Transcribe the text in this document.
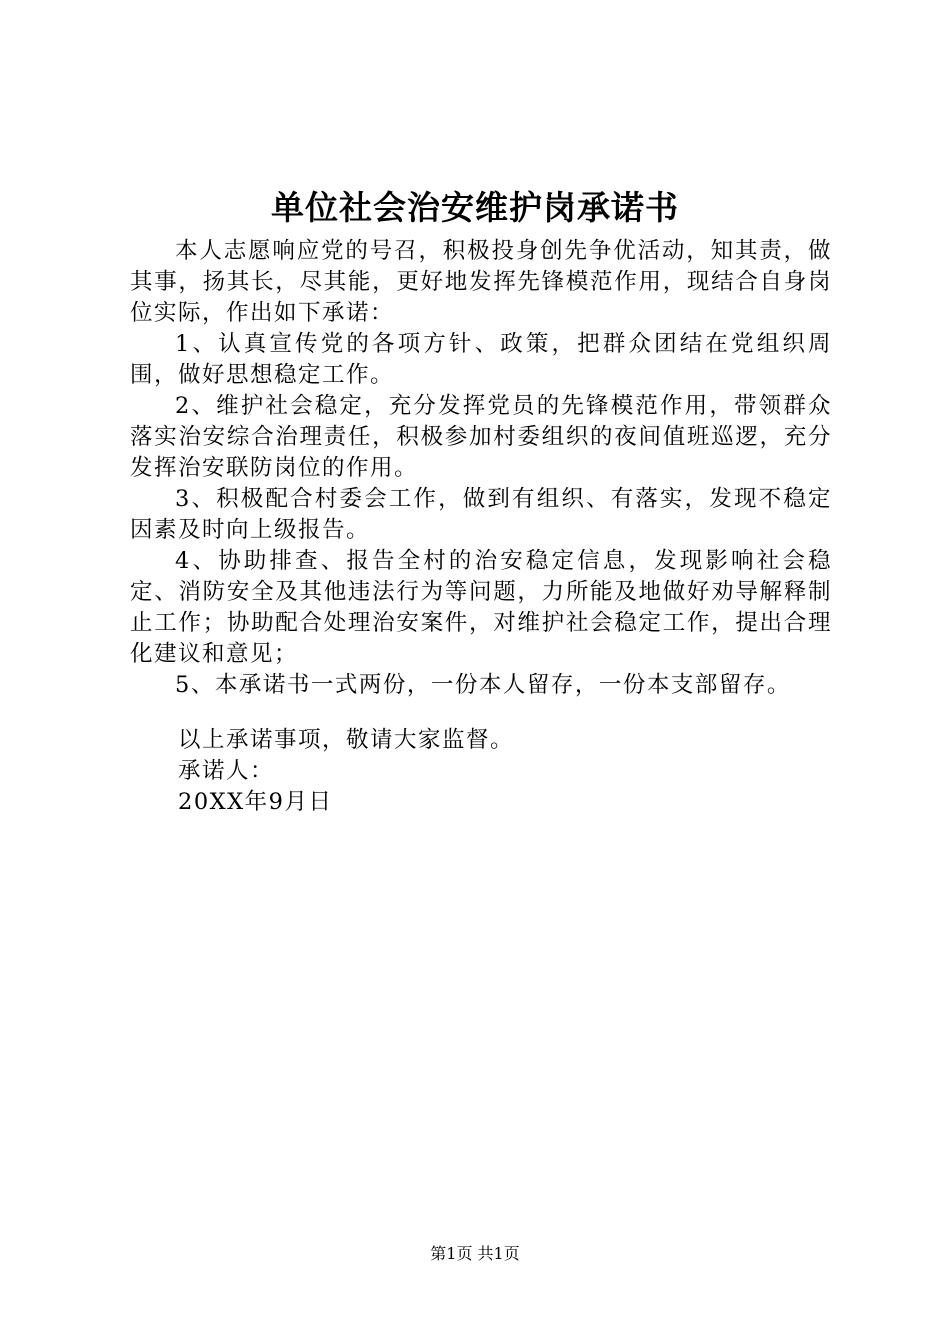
单位社会治安维护岗承诺书

本人志愿响应党的号召，积极投身创先争优活动，知其责，做其事，扬其长，尽其能，更好地发挥先锋模范作用，现结合自身岗位实际，作出如下承诺：

1、认真宣传党的各项方针、政策，把群众团结在党组织周围，做好思想稳定工作。

2、维护社会稳定，充分发挥党员的先锋模范作用，带领群众落实治安综合治理责任，积极参加村委组织的夜间值班巡逻，充分发挥治安联防岗位的作用。

3、积极配合村委会工作，做到有组织、有落实，发现不稳定因素及时向上级报告。

4、协助排查、报告全村的治安稳定信息，发现影响社会稳定、消防安全及其他违法行为等问题，力所能及地做好劝导解释制止工作；协助配合处理治安案件，对维护社会稳定工作，提出合理化建议和意见；

5、本承诺书一式两份，一份本人留存，一份本支部留存。

以上承诺事项，敬请大家监督。
承诺人：
20XX年9月日
第1页 共1页
